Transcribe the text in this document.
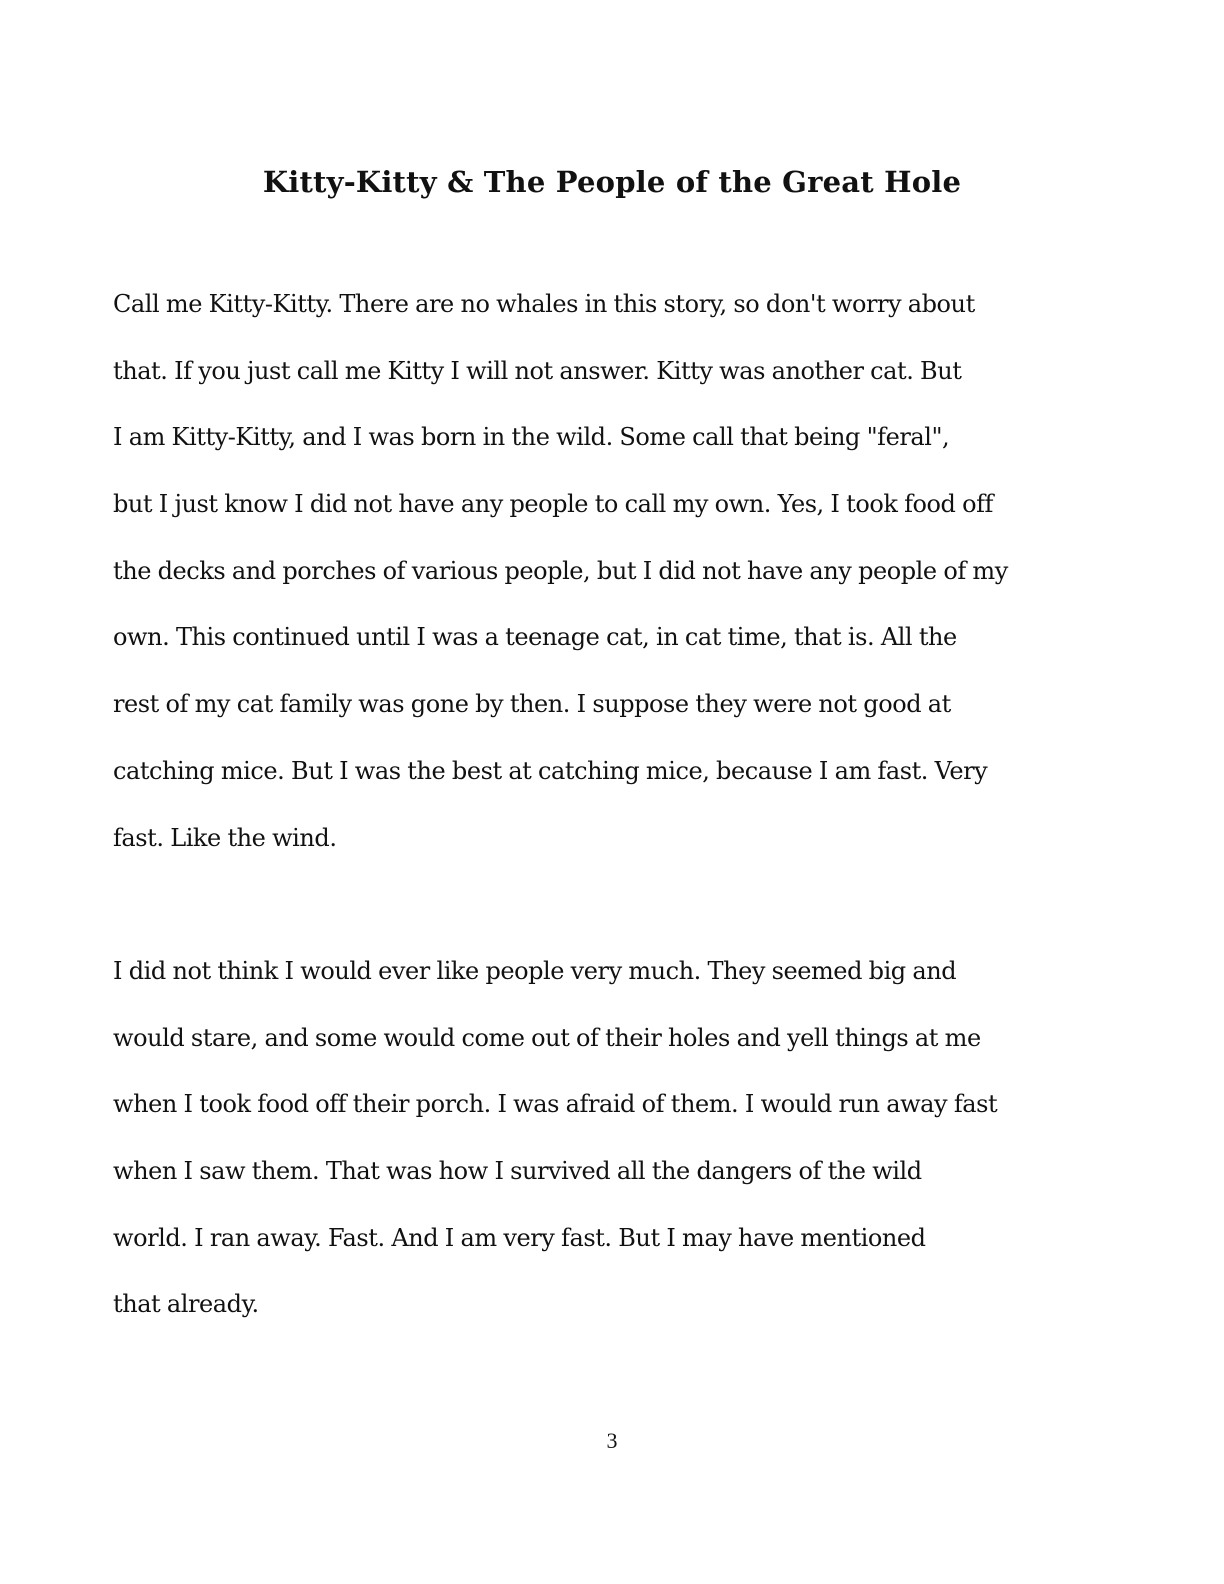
Kitty-Kitty & The People of the Great Hole
Call me Kitty-Kitty. There are no whales in this story, so don't worry about
that. If you just call me Kitty I will not answer. Kitty was another cat. But
I am Kitty-Kitty, and I was born in the wild. Some call that being "feral",
but I just know I did not have any people to call my own. Yes, I took food off
the decks and porches of various people, but I did not have any people of my
own. This continued until I was a teenage cat, in cat time, that is. All the
rest of my cat family was gone by then. I suppose they were not good at
catching mice. But I was the best at catching mice, because I am fast. Very
fast. Like the wind.
I did not think I would ever like people very much. They seemed big and
would stare, and some would come out of their holes and yell things at me
when I took food off their porch. I was afraid of them. I would run away fast
when I saw them. That was how I survived all the dangers of the wild
world. I ran away. Fast. And I am very fast. But I may have mentioned
that already.
3
